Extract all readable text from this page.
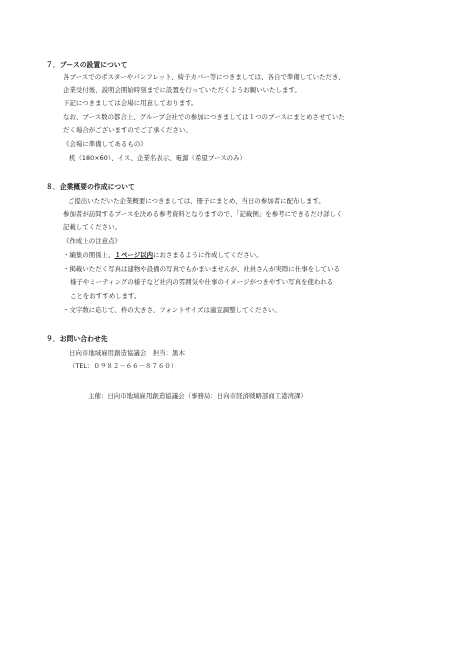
７．ブースの設置について
各ブースでのポスターやパンフレット、椅子カバー等につきましては、各自で準備していただき、
企業受付後、説明会開始時刻までに設置を行っていただくようお願いいたします。
下記につきましては会場に用意しております。
なお、ブース数の都合上、グループ会社での参加につきましては１つのブースにまとめさせていた
だく場合がございますのでご了承ください。
《会場に準備してあるもの》
机（180×60）、イス、企業名表示、電源（希望ブースのみ）
８．企業概要の作成について
ご提出いただいた企業概要につきましては、冊子にまとめ、当日の参加者に配布します。
参加者が訪問するブースを決める参考資料となりますので、「記載例」を参考にできるだけ詳しく
記載してください。
《作成上の注意点》
・編集の関係上、１ページ以内におさまるように作成してください。
・掲載いただく写真は建物や設備の写真でもかまいませんが、社員さんが実際に仕事をしている
様子やミーティングの様子など社内の雰囲気や仕事のイメージがつきやすい写真を使われる
ことをおすすめします。
・文字数に応じて、枠の大きさ、フォントサイズは適宜調整してください。
９．お問い合わせ先
日向市地域雇用創造協議会　担当：黒木
（TEL：０９８２－６６－８７６０）
主催：日向市地域雇用創造協議会（事務局：日向市経済戦略部商工港湾課）
